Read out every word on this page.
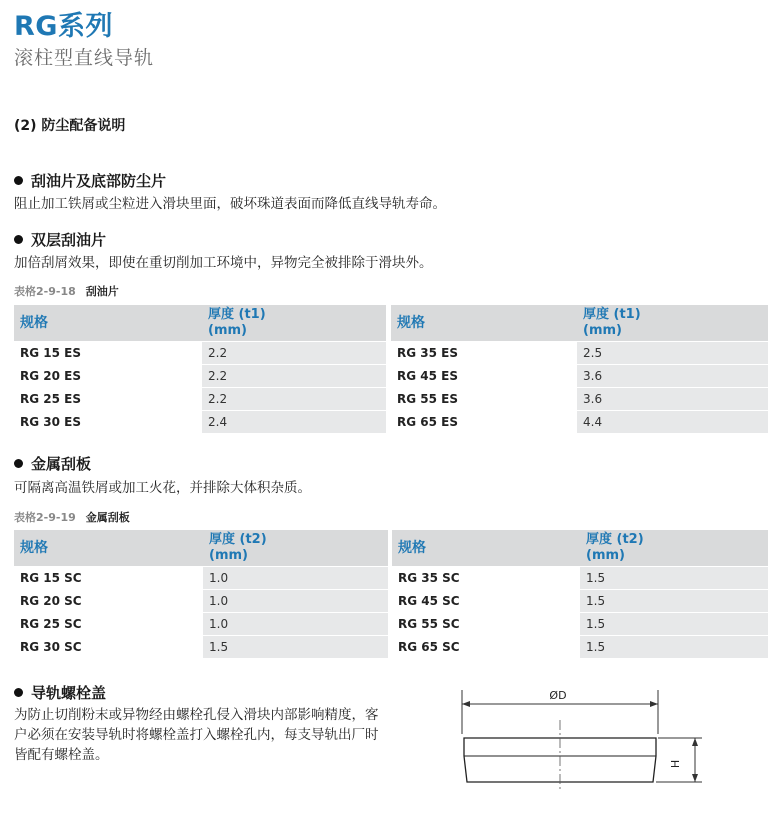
RG系列
滚柱型直线导轨
(2) 防尘配备说明
刮油片及底部防尘片
阻止加工铁屑或尘粒进入滑块里面，破坏珠道表面而降低直线导轨寿命。
双层刮油片
加倍刮屑效果，即使在重切削加工环境中，异物完全被排除于滑块外。
表格2-9-18 刮油片
规格	厚度 (t1)
(mm)

RG 15 ES	2.2
RG 20 ES	2.2
RG 25 ES	2.2
RG 30 ES	2.4
规格	厚度 (t1)
(mm)

RG 35 ES	2.5
RG 45 ES	3.6
RG 55 ES	3.6
RG 65 ES	4.4
金属刮板
可隔离高温铁屑或加工火花，并排除大体积杂质。
表格2-9-19 金属刮板
规格	厚度 (t2)
(mm)

RG 15 SC	1.0
RG 20 SC	1.0
RG 25 SC	1.0
RG 30 SC	1.5
规格	厚度 (t2)
(mm)

RG 35 SC	1.5
RG 45 SC	1.5
RG 55 SC	1.5
RG 65 SC	1.5
导轨螺栓盖
为防止切削粉末或异物经由螺栓孔侵入滑块内部影响精度，客户必须在安装导轨时将螺栓盖打入螺栓孔内，每支导轨出厂时皆配有螺栓盖。
ØD
H
